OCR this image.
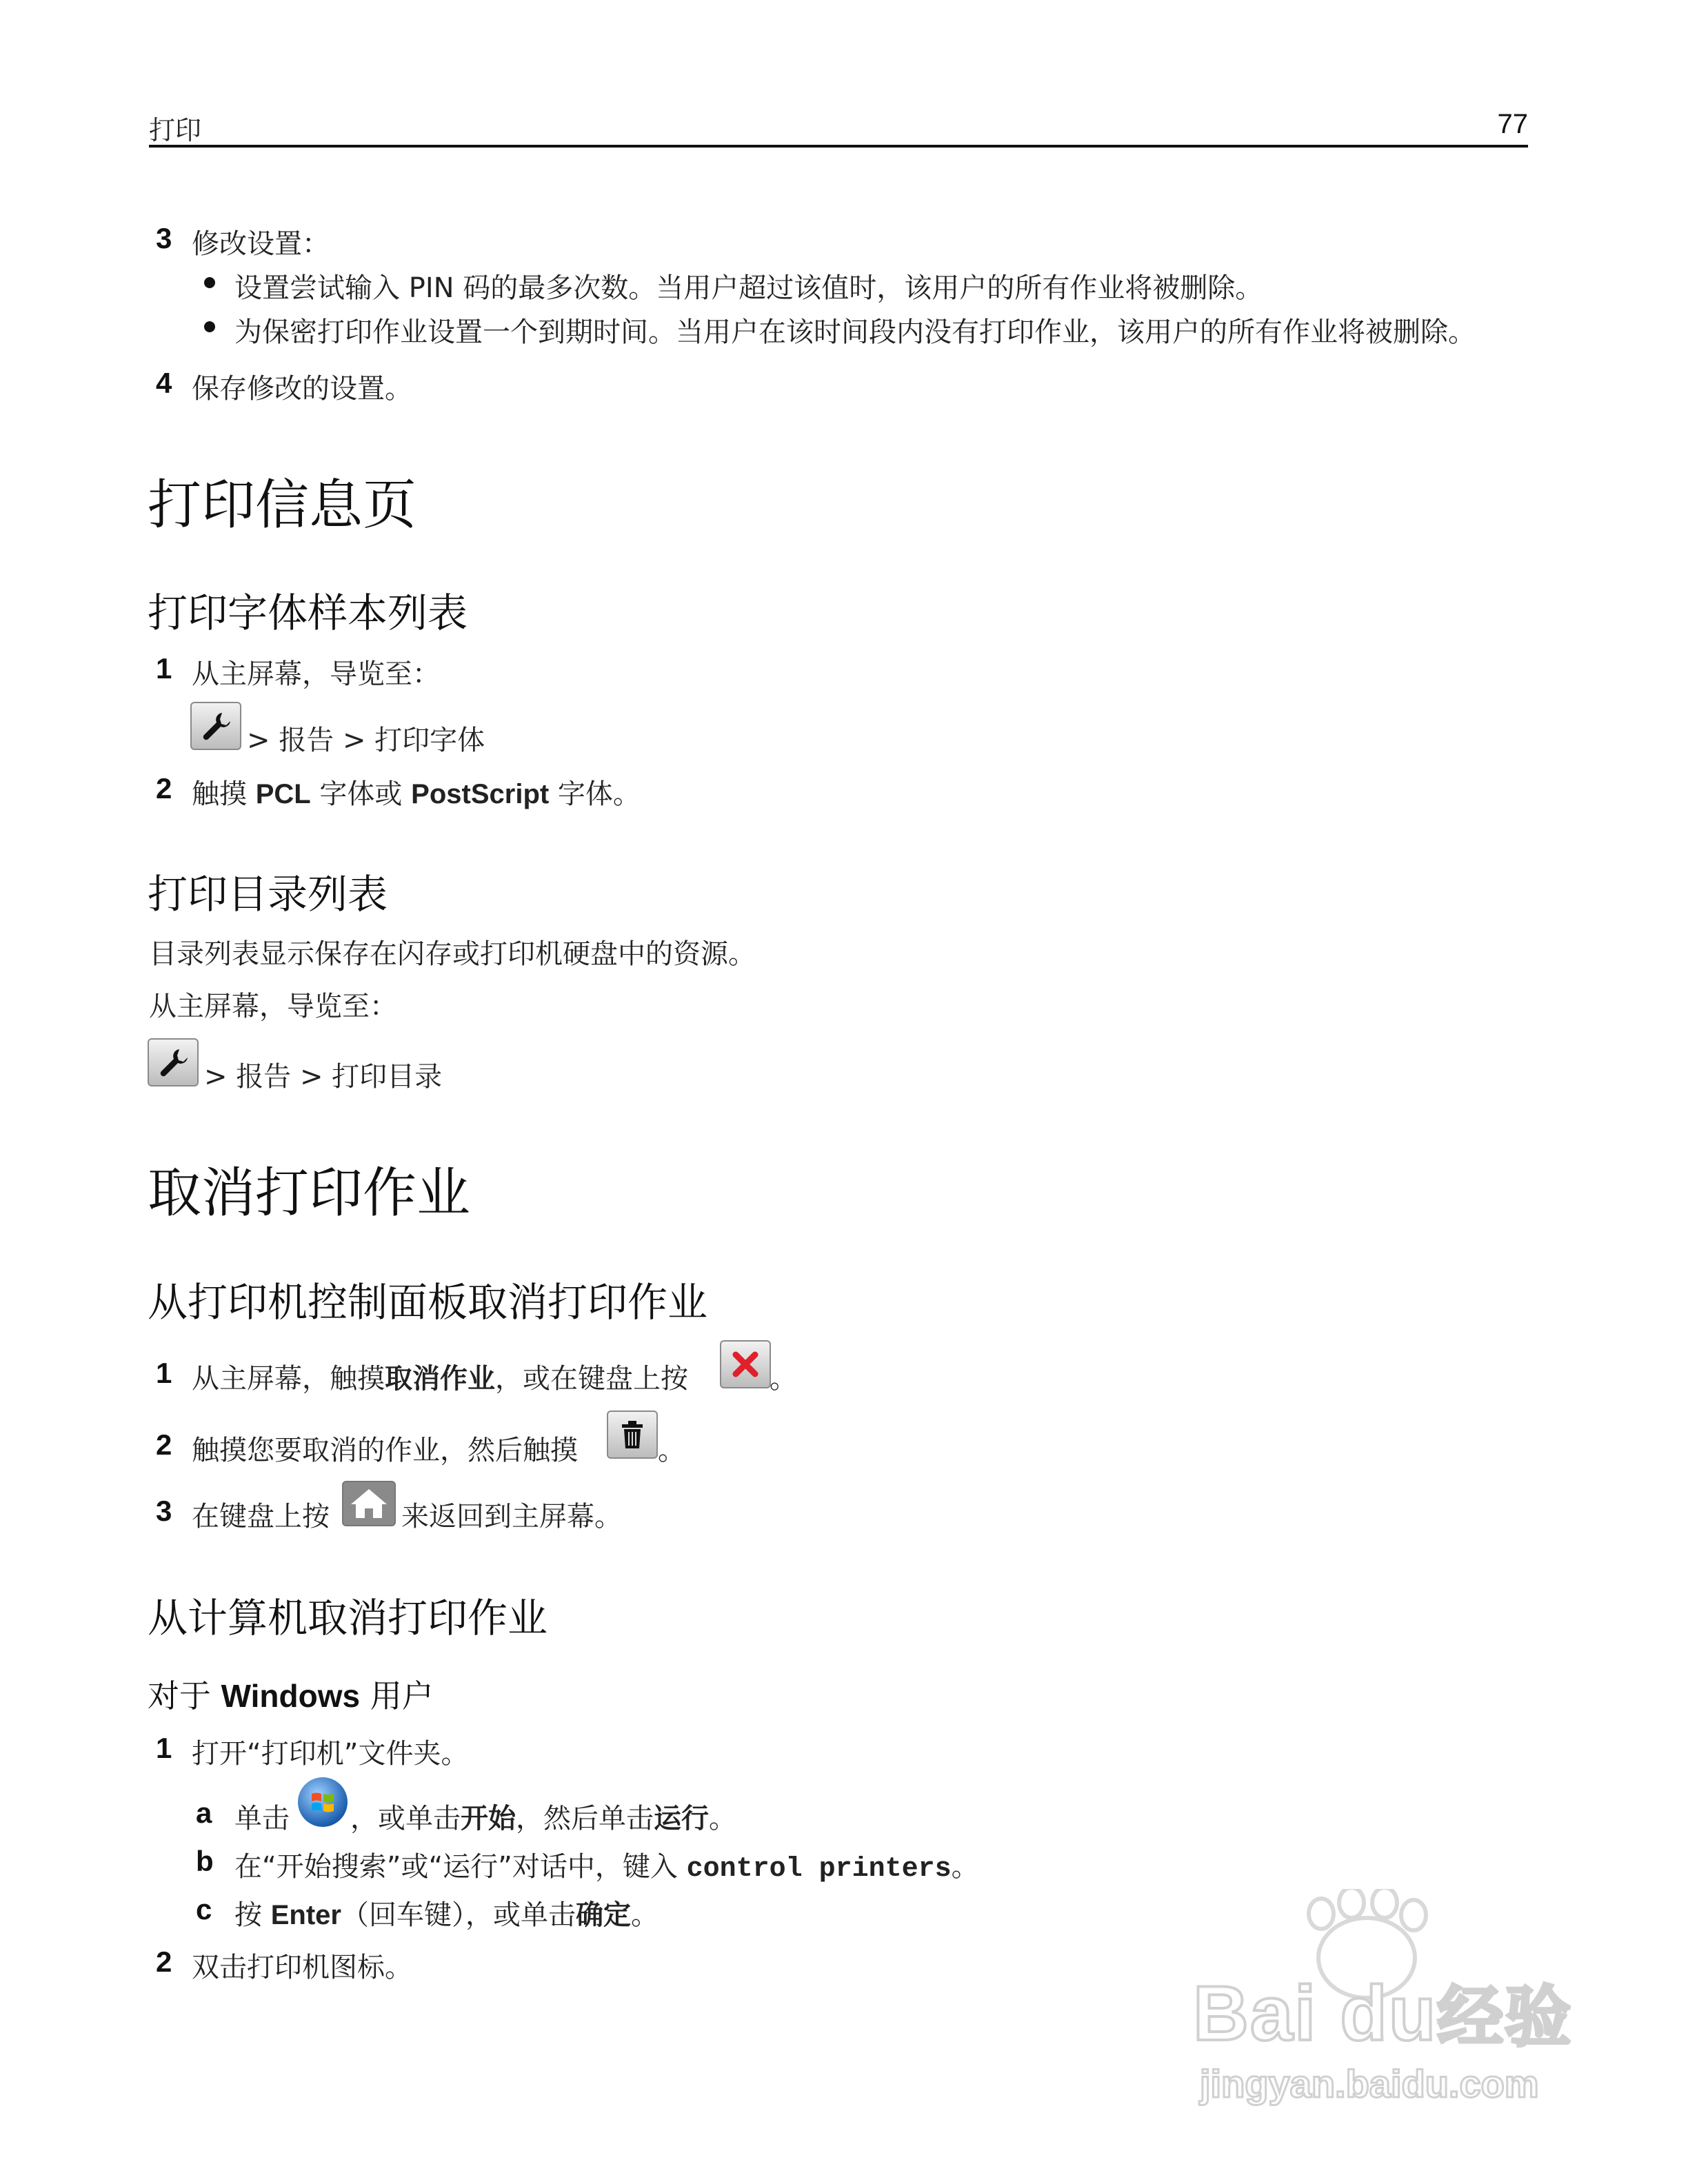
打印	77
3 修改设置：
设置尝试输入 PIN 码的最多次数。当用户超过该值时，该用户的所有作业将被删除。
为保密打印作业设置一个到期时间。当用户在该时间段内没有打印作业，该用户的所有作业将被删除。
4 保存修改的设置。
打印信息页
打印字体样本列表
1 从主屏幕，导览至：
> 报告 > 打印字体
2 触摸 PCL 字体或 PostScript 字体。
打印目录列表
目录列表显示保存在闪存或打印机硬盘中的资源。
从主屏幕，导览至：
> 报告 > 打印目录
取消打印作业
从打印机控制面板取消打印作业
1 从主屏幕，触摸取消作业，或在键盘上按	。
2 触摸您要取消的作业，然后触摸	。
3 在键盘上按	来返回到主屏幕。
从计算机取消打印作业
对于 Windows 用户
1 打开“打印机”文件夹。
a 单击 ，或单击开始，然后单击运行。
b 在“开始搜索”或“运行”对话中，键入 control printers。
c 按 Enter（回车键），或单击确定。
2 双击打印机图标。
Bai du经验
jingyan.baidu.com
